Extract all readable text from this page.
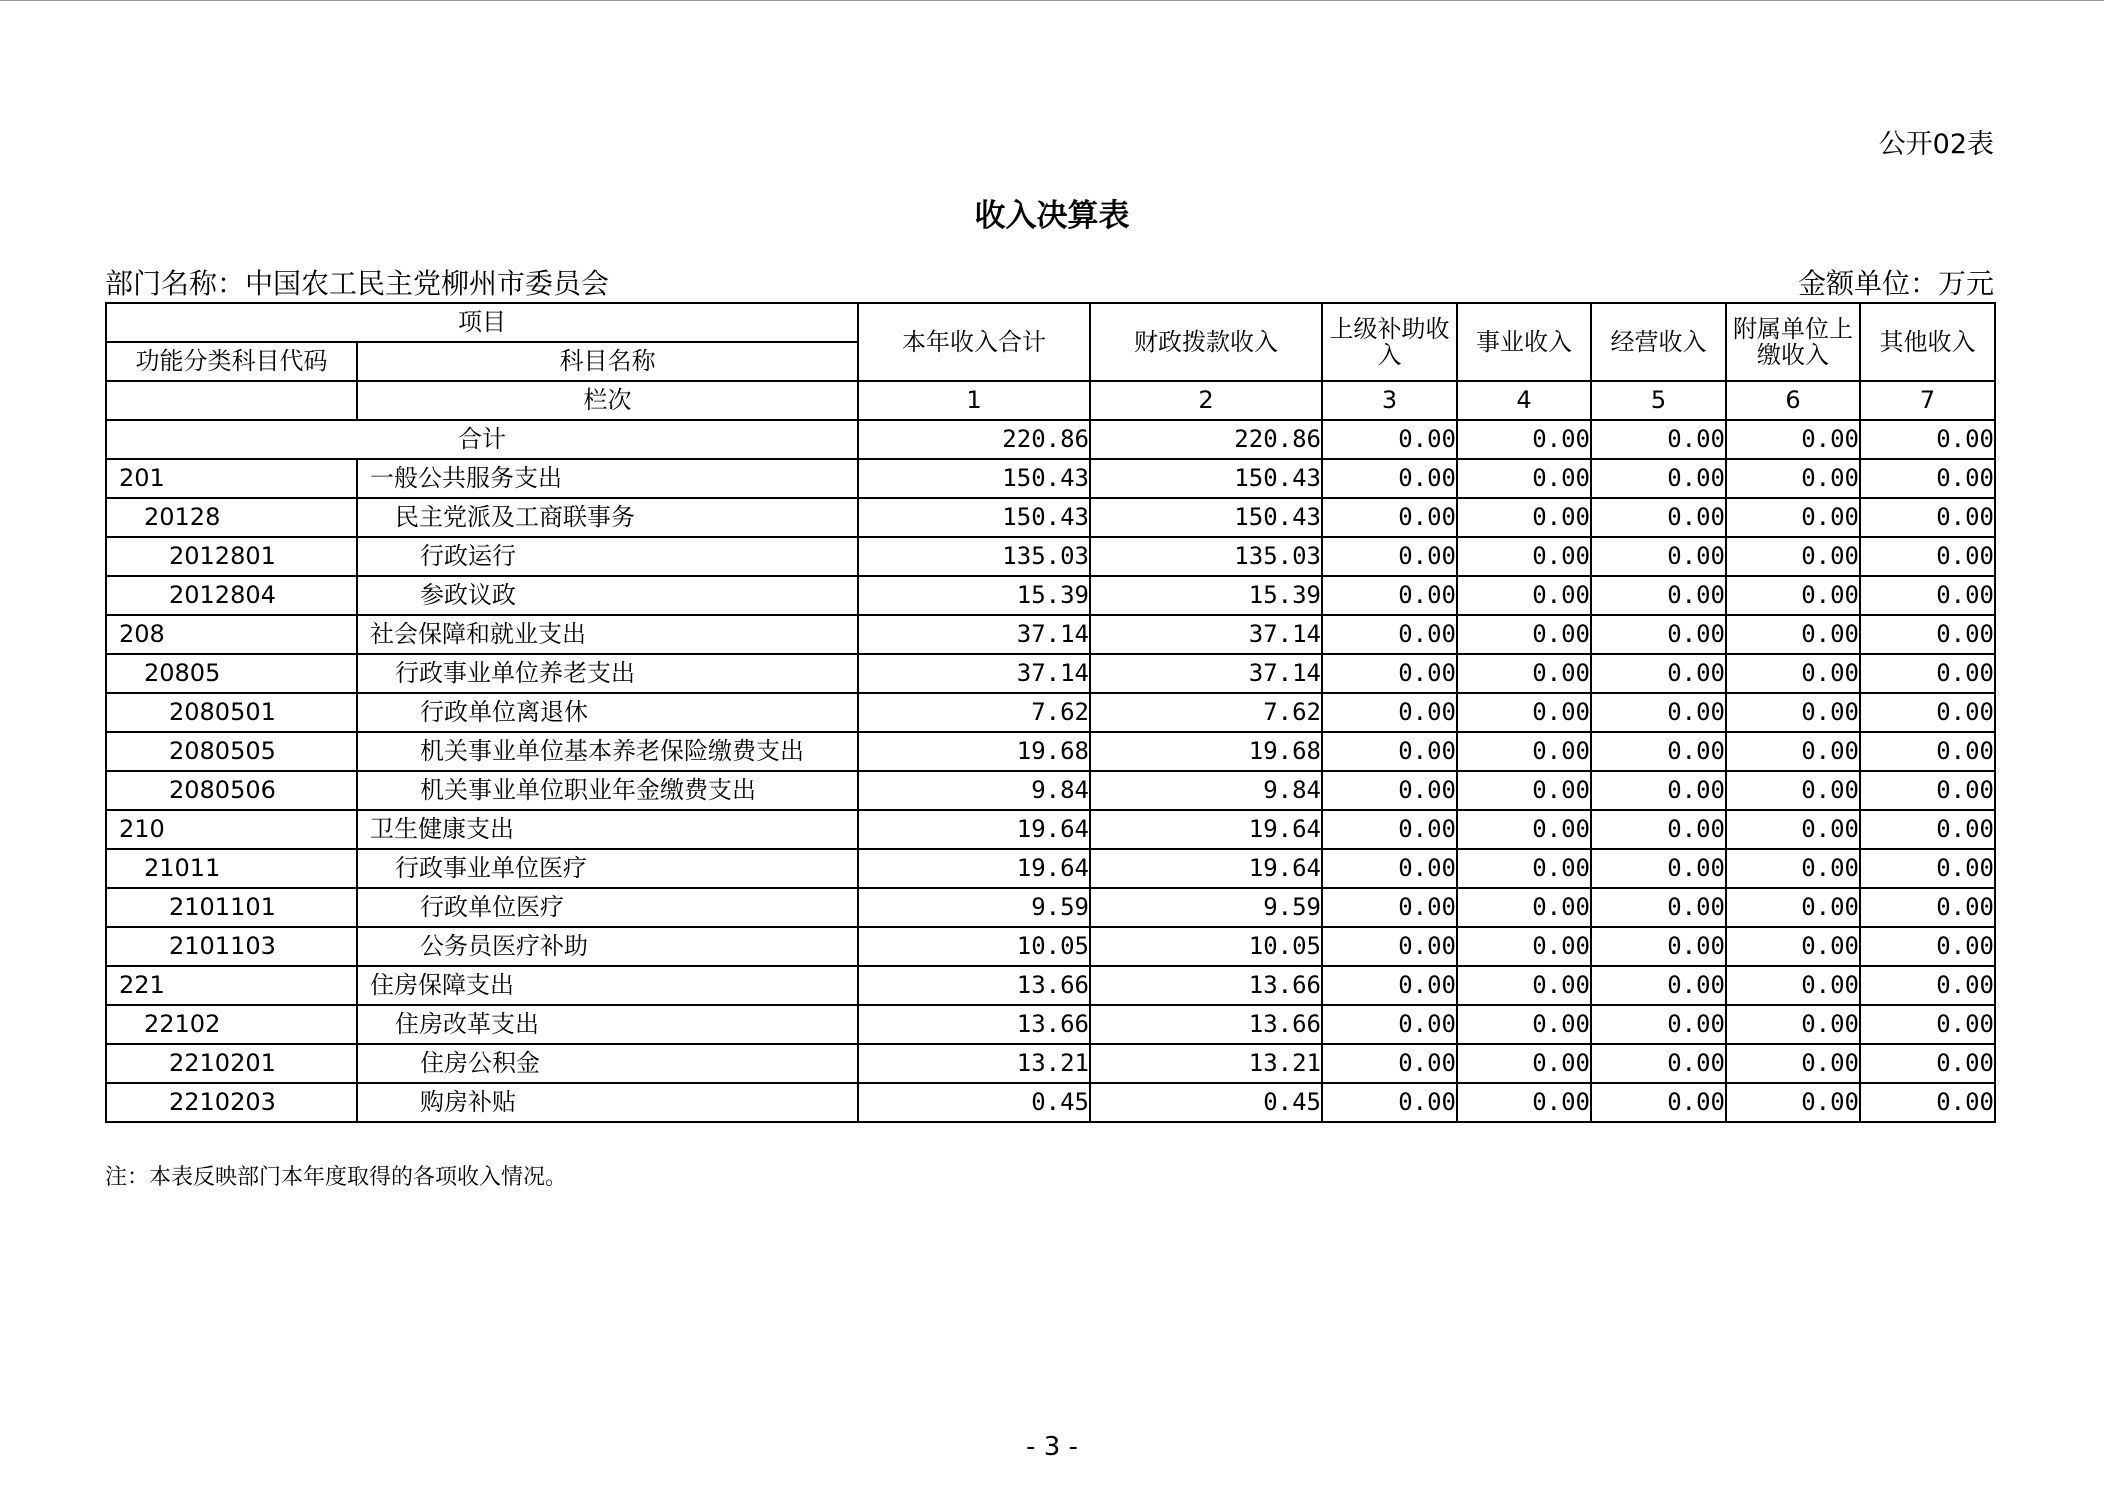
公开02表
收入决算表
部门名称：中国农工民主党柳州市委员会	金额单位：万元
项目		本年收入合计	财政拨款收入	上级补助收入	事业收入	经营收入	附属单位上缴收入	其他收入
功能分类科目代码	科目名称							
	栏次	1	2	3	4	5	6	7
合计		220.86	220.86	0.00	0.00	0.00	0.00	0.00
201	一般公共服务支出	150.43	150.43	0.00	0.00	0.00	0.00	0.00
20128	民主党派及工商联事务	150.43	150.43	0.00	0.00	0.00	0.00	0.00
2012801	行政运行	135.03	135.03	0.00	0.00	0.00	0.00	0.00
2012804	参政议政	15.39	15.39	0.00	0.00	0.00	0.00	0.00
208	社会保障和就业支出	37.14	37.14	0.00	0.00	0.00	0.00	0.00
20805	行政事业单位养老支出	37.14	37.14	0.00	0.00	0.00	0.00	0.00
2080501	行政单位离退休	7.62	7.62	0.00	0.00	0.00	0.00	0.00
2080505	机关事业单位基本养老保险缴费支出	19.68	19.68	0.00	0.00	0.00	0.00	0.00
2080506	机关事业单位职业年金缴费支出	9.84	9.84	0.00	0.00	0.00	0.00	0.00
210	卫生健康支出	19.64	19.64	0.00	0.00	0.00	0.00	0.00
21011	行政事业单位医疗	19.64	19.64	0.00	0.00	0.00	0.00	0.00
2101101	行政单位医疗	9.59	9.59	0.00	0.00	0.00	0.00	0.00
2101103	公务员医疗补助	10.05	10.05	0.00	0.00	0.00	0.00	0.00
221	住房保障支出	13.66	13.66	0.00	0.00	0.00	0.00	0.00
22102	住房改革支出	13.66	13.66	0.00	0.00	0.00	0.00	0.00
2210201	住房公积金	13.21	13.21	0.00	0.00	0.00	0.00	0.00
2210203	购房补贴	0.45	0.45	0.00	0.00	0.00	0.00	0.00
注：本表反映部门本年度取得的各项收入情况。
- 3 -
